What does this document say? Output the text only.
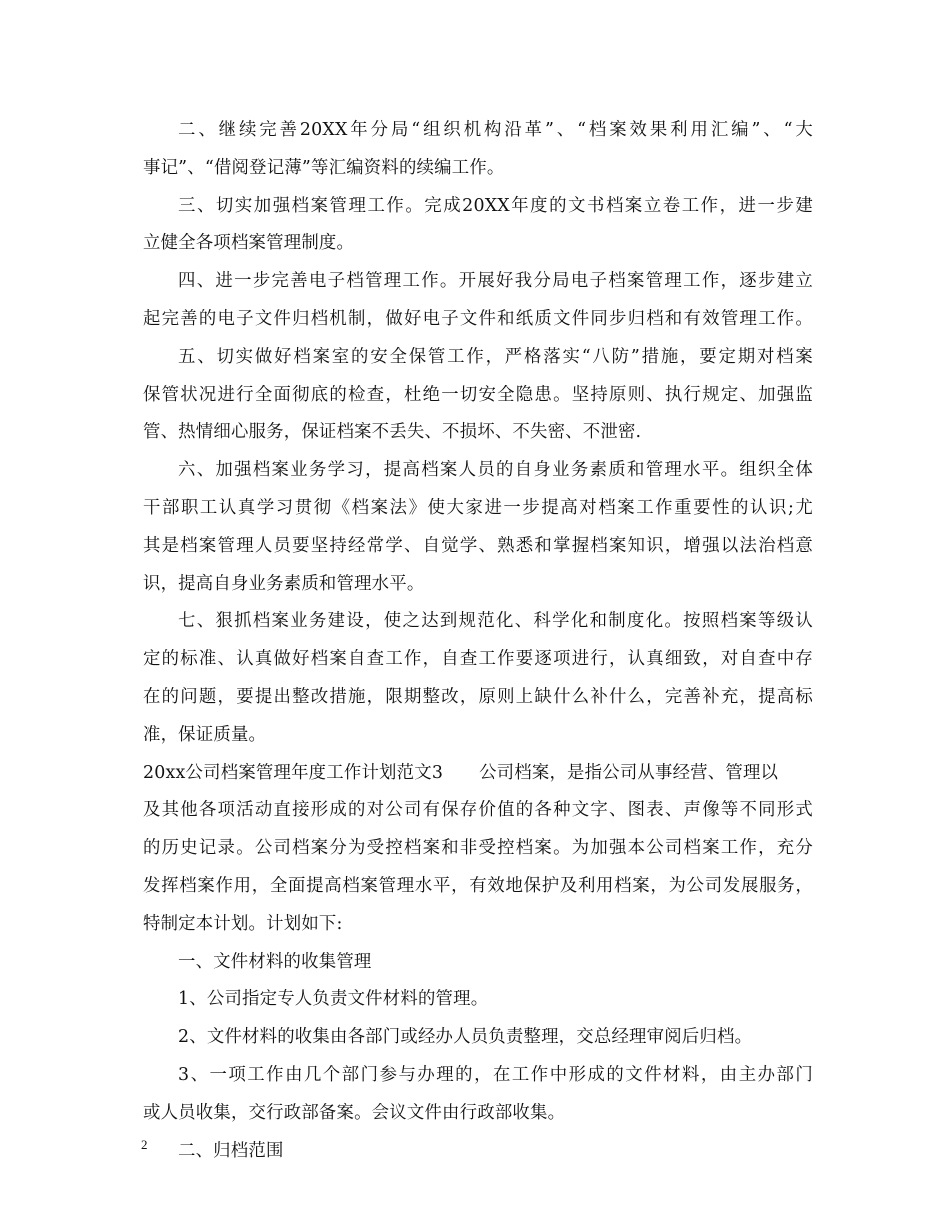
二、继续完善20XX年分局“组织机构沿革”、“档案效果利用汇编”、“大
事记”、“借阅登记薄”等汇编资料的续编工作。
三、切实加强档案管理工作。完成20XX年度的文书档案立卷工作，进一步建
立健全各项档案管理制度。
四、进一步完善电子档管理工作。开展好我分局电子档案管理工作，逐步建立
起完善的电子文件归档机制，做好电子文件和纸质文件同步归档和有效管理工作。
五、切实做好档案室的安全保管工作，严格落实“八防”措施，要定期对档案
保管状况进行全面彻底的检查，杜绝一切安全隐患。坚持原则、执行规定、加强监
管、热情细心服务，保证档案不丢失、不损坏、不失密、不泄密.
六、加强档案业务学习，提高档案人员的自身业务素质和管理水平。组织全体
干部职工认真学习贯彻《档案法》使大家进一步提高对档案工作重要性的认识;尤
其是档案管理人员要坚持经常学、自觉学、熟悉和掌握档案知识，增强以法治档意
识，提高自身业务素质和管理水平。
七、狠抓档案业务建设，使之达到规范化、科学化和制度化。按照档案等级认
定的标准、认真做好档案自查工作，自查工作要逐项进行，认真细致，对自查中存
在的问题，要提出整改措施，限期整改，原则上缺什么补什么，完善补充，提高标
准，保证质量。
20xx公司档案管理年度工作计划范文3 公司档案，是指公司从事经营、管理以
及其他各项活动直接形成的对公司有保存价值的各种文字、图表、声像等不同形式
的历史记录。公司档案分为受控档案和非受控档案。为加强本公司档案工作，充分
发挥档案作用，全面提高档案管理水平，有效地保护及利用档案，为公司发展服务，
特制定本计划。计划如下:
一、文件材料的收集管理
1、公司指定专人负责文件材料的管理。
2、文件材料的收集由各部门或经办人员负责整理，交总经理审阅后归档。
3、一项工作由几个部门参与办理的，在工作中形成的文件材料，由主办部门
或人员收集，交行政部备案。会议文件由行政部收集。
二、归档范围
2
